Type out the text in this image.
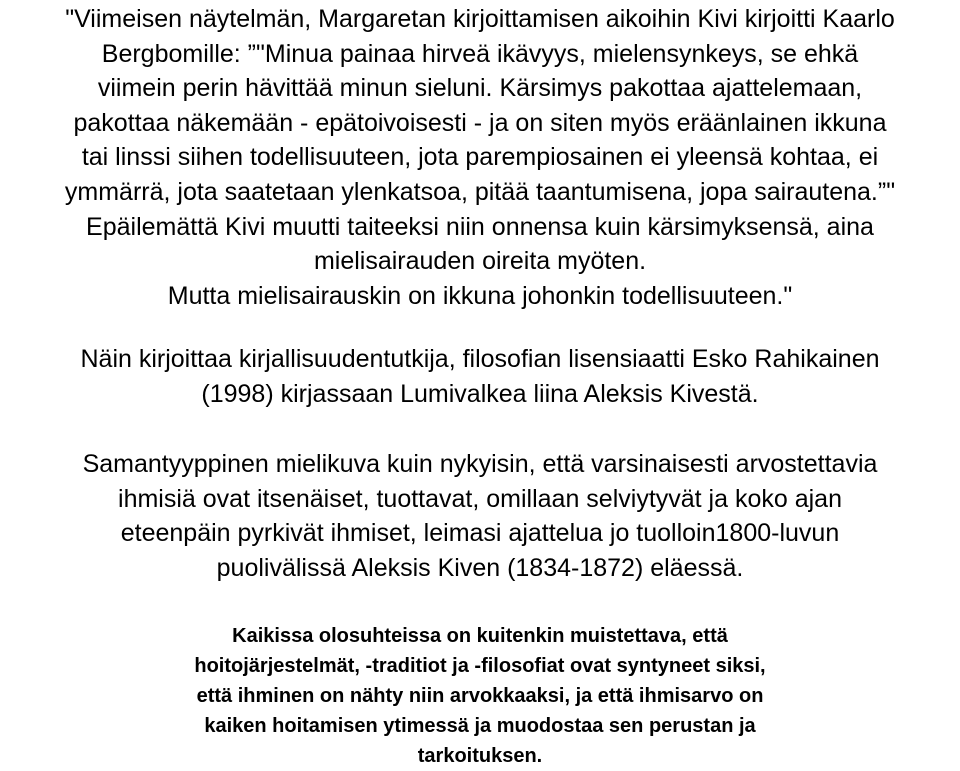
"Viimeisen näytelmän, Margaretan kirjoittamisen aikoihin Kivi kirjoitti Kaarlo
Bergbomille: ”"Minua painaa hirveä ikävyys, mielensynkeys, se ehkä
viimein perin hävittää minun sieluni. Kärsimys pakottaa ajattelemaan,
pakottaa näkemään - epätoivoisesti - ja on siten myös eräänlainen ikkuna
tai linssi siihen todellisuuteen, jota parempiosainen ei yleensä kohtaa, ei
ymmärrä, jota saatetaan ylenkatsoa, pitää taantumisena, jopa sairautena.”"
Epäilemättä Kivi muutti taiteeksi niin onnensa kuin kärsimyksensä, aina
mielisairauden oireita myöten.
Mutta mielisairauskin on ikkuna johonkin todellisuuteen."
Näin kirjoittaa kirjallisuudentutkija, filosofian lisensiaatti Esko Rahikainen
(1998) kirjassaan Lumivalkea liina Aleksis Kivestä.
Samantyyppinen mielikuva kuin nykyisin, että varsinaisesti arvostettavia
ihmisiä ovat itsenäiset, tuottavat, omillaan selviytyvät ja koko ajan
eteenpäin pyrkivät ihmiset, leimasi ajattelua jo tuolloin1800-luvun
puolivälissä Aleksis Kiven (1834-1872) eläessä.
Kaikissa olosuhteissa on kuitenkin muistettava, että
hoitojärjestelmät, -traditiot ja -filosofiat ovat syntyneet siksi,
että ihminen on nähty niin arvokkaaksi, ja että ihmisarvo on
kaiken hoitamisen ytimessä ja muodostaa sen perustan ja
tarkoituksen.
